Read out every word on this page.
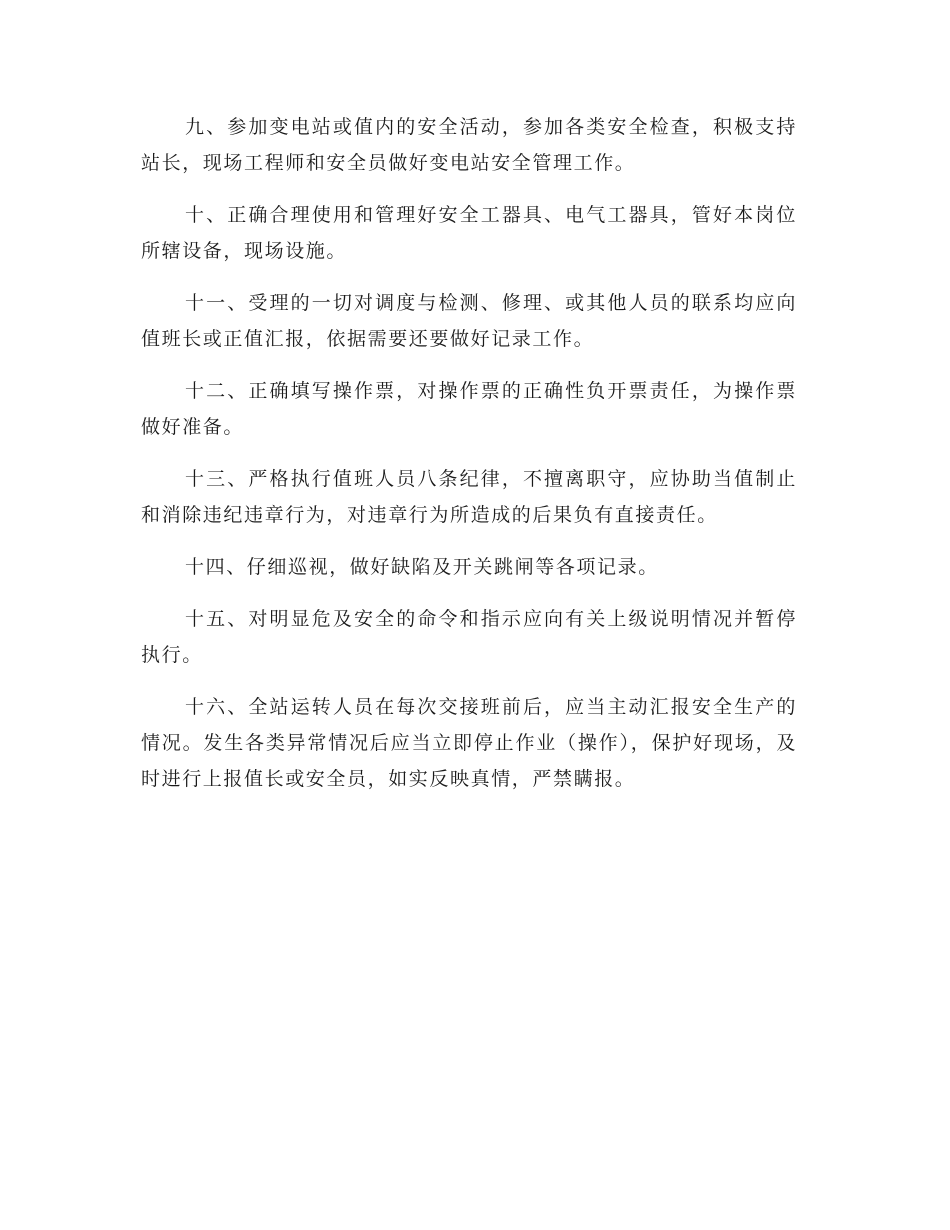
九、参加变电站或值内的安全活动，参加各类安全检查，积极支持站长，现场工程师和安全员做好变电站安全管理工作。

十、正确合理使用和管理好安全工器具、电气工器具，管好本岗位所辖设备，现场设施。

十一、受理的一切对调度与检测、修理、或其他人员的联系均应向值班长或正值汇报，依据需要还要做好记录工作。

十二、正确填写操作票，对操作票的正确性负开票责任，为操作票做好准备。

十三、严格执行值班人员八条纪律，不擅离职守，应协助当值制止和消除违纪违章行为，对违章行为所造成的后果负有直接责任。

十四、仔细巡视，做好缺陷及开关跳闸等各项记录。

十五、对明显危及安全的命令和指示应向有关上级说明情况并暂停执行。

十六、全站运转人员在每次交接班前后，应当主动汇报安全生产的情况。发生各类异常情况后应当立即停止作业（操作），保护好现场，及时进行上报值长或安全员，如实反映真情，严禁瞒报。
